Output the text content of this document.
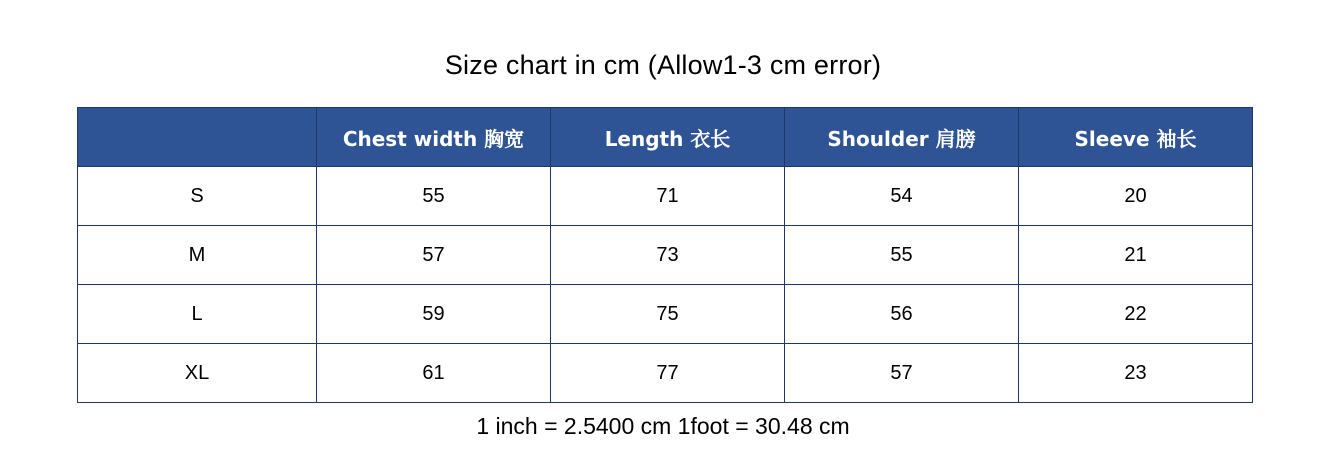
Size chart in cm (Allow1-3 cm error)
	Chest width 胸宽	Length 衣长	Shoulder 肩膀	Sleeve 袖长
S	55	71	54	20
M	57	73	55	21
L	59	75	56	22
XL	61	77	57	23
1 inch = 2.5400 cm 1foot = 30.48 cm
